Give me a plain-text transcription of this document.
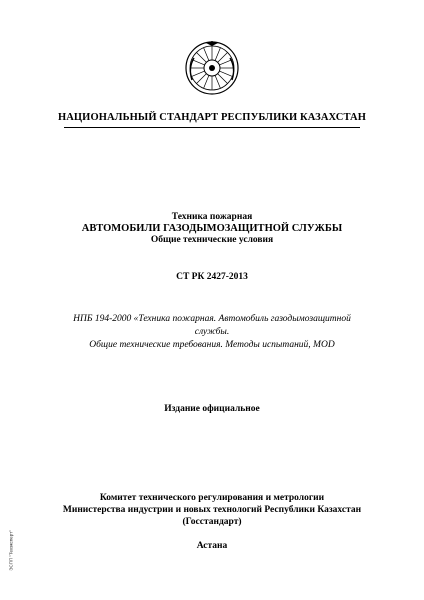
НАЦИОНАЛЬНЫЙ СТАНДАРТ РЕСПУБЛИКИ КАЗАХСТАН
Техника пожарная
АВТОМОБИЛИ ГАЗОДЫМОЗАЩИТНОЙ СЛУЖБЫ
Общие технические условия
СТ РК 2427-2013
НПБ 194-2000 «Техника пожарная. Автомобиль газодымозащитной службы.
Общие технические требования. Методы испытаний, MOD
Издание официальное
Комитет технического регулирования и метрологии
Министерства индустрии и новых технологий Республики Казахстан
(Госстандарт)
Астана
ЭСПП "Техэксперт"
